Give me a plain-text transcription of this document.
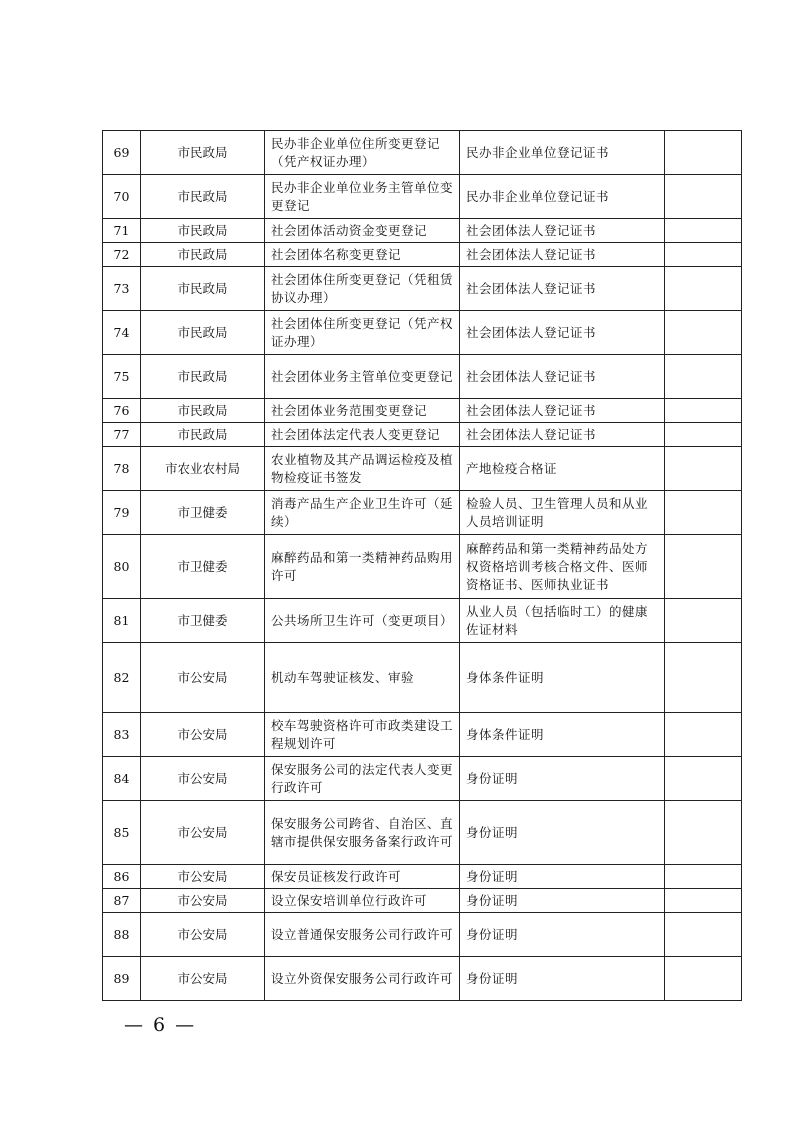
69	市民政局	民办非企业单位住所变更登记（凭产权证办理）	民办非企业单位登记证书	
70	市民政局	民办非企业单位业务主管单位变更登记	民办非企业单位登记证书	
71	市民政局	社会团体活动资金变更登记	社会团体法人登记证书	
72	市民政局	社会团体名称变更登记	社会团体法人登记证书	
73	市民政局	社会团体住所变更登记（凭租赁协议办理）	社会团体法人登记证书	
74	市民政局	社会团体住所变更登记（凭产权证办理）	社会团体法人登记证书	
75	市民政局	社会团体业务主管单位变更登记	社会团体法人登记证书	
76	市民政局	社会团体业务范围变更登记	社会团体法人登记证书	
77	市民政局	社会团体法定代表人变更登记	社会团体法人登记证书	
78	市农业农村局	农业植物及其产品调运检疫及植物检疫证书签发	产地检疫合格证	
79	市卫健委	消毒产品生产企业卫生许可（延续）	检验人员、卫生管理人员和从业人员培训证明	
80	市卫健委	麻醉药品和第一类精神药品购用许可	麻醉药品和第一类精神药品处方权资格培训考核合格文件、医师资格证书、医师执业证书	
81	市卫健委	公共场所卫生许可（变更项目）	从业人员（包括临时工）的健康佐证材料	
82	市公安局	机动车驾驶证核发、审验	身体条件证明	
83	市公安局	校车驾驶资格许可市政类建设工程规划许可	身体条件证明	
84	市公安局	保安服务公司的法定代表人变更行政许可	身份证明	
85	市公安局	保安服务公司跨省、自治区、直辖市提供保安服务备案行政许可	身份证明	
86	市公安局	保安员证核发行政许可	身份证明	
87	市公安局	设立保安培训单位行政许可	身份证明	
88	市公安局	设立普通保安服务公司行政许可	身份证明	
89	市公安局	设立外资保安服务公司行政许可	身份证明	
— 6 —
